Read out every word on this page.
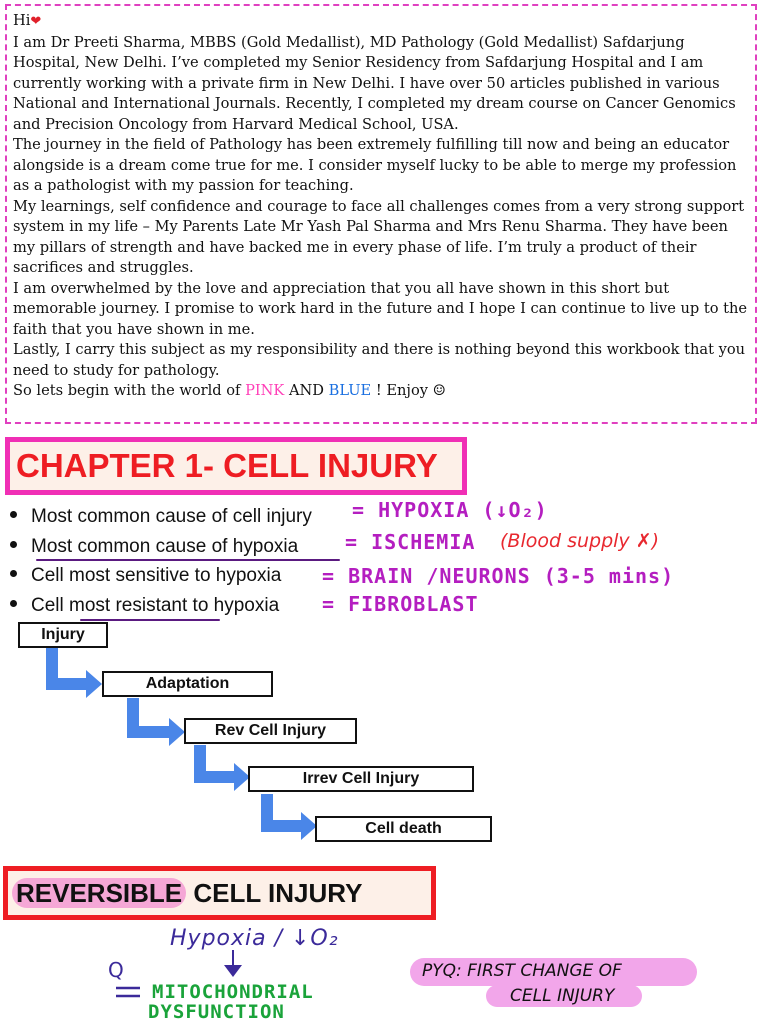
Hi❤

I am Dr Preeti Sharma, MBBS (Gold Medallist), MD Pathology (Gold Medallist) Safdarjung Hospital, New Delhi. I’ve completed my Senior Residency from Safdarjung Hospital and I am currently working with a private firm in New Delhi. I have over 50 articles published in various National and International Journals. Recently, I completed my dream course on Cancer Genomics and Precision Oncology from Harvard Medical School, USA.

The journey in the field of Pathology has been extremely fulfilling till now and being an educator alongside is a dream come true for me. I consider myself lucky to be able to merge my profession as a pathologist with my passion for teaching.

My learnings, self confidence and courage to face all challenges comes from a very strong support system in my life – My Parents Late Mr Yash Pal Sharma and Mrs Renu Sharma. They have been my pillars of strength and have backed me in every phase of life. I’m truly a product of their sacrifices and struggles.

I am overwhelmed by the love and appreciation that you all have shown in this short but memorable journey. I promise to work hard in the future and I hope I can continue to live up to the faith that you have shown in me.

Lastly, I carry this subject as my responsibility and there is nothing beyond this workbook that you need to study for pathology.

So lets begin with the world of PINK AND BLUE ! Enjoy ☺

CHAPTER 1- CELL INJURY
Most common cause of cell injury
Most common cause of hypoxia
Cell most sensitive to hypoxia
Cell most resistant to hypoxia
= HYPOXIA (↓O₂)
= ISCHEMIA (Blood supply ✗)
= BRAIN /NEURONS (3-5 mins)
= FIBROBLAST
Injury
Adaptation
Rev Cell Injury
Irrev Cell Injury
Cell death
REVERSIBLE CELL INJURY
Hypoxia / ↓O₂
Q
MITOCHONDRIAL
DYSFUNCTION
PYQ: FIRST CHANGE OF
CELL INJURY
